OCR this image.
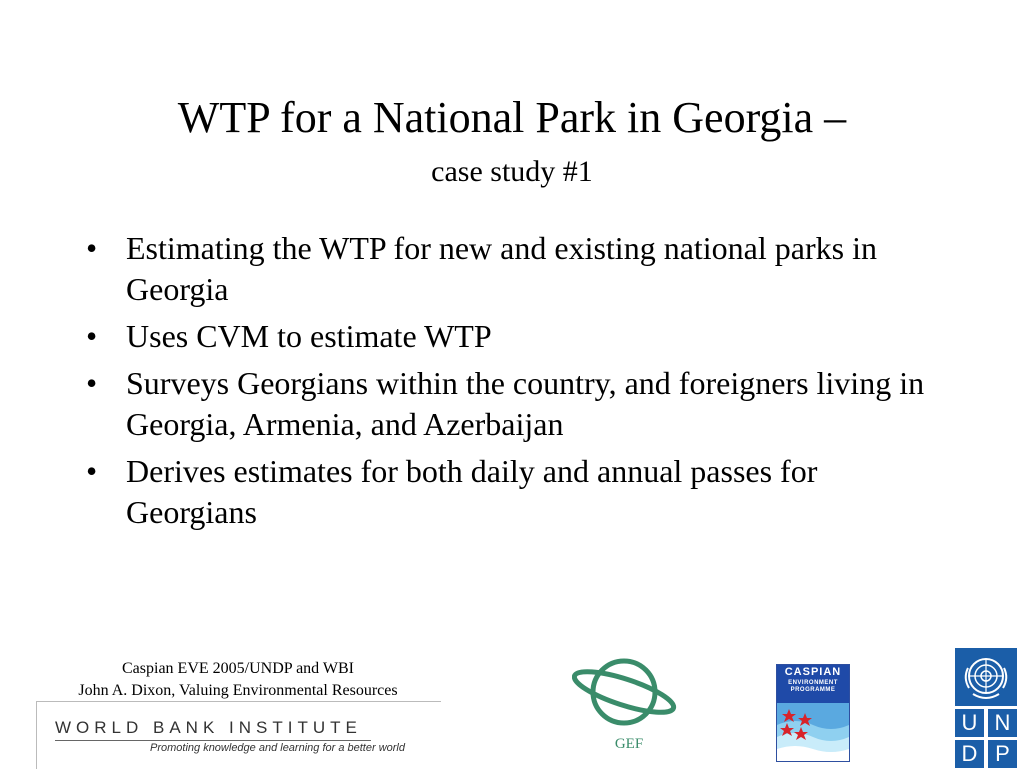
WTP for a National Park in Georgia –
case study #1
• Estimating the WTP for new and existing national parks in Georgia
• Uses CVM to estimate WTP
• Surveys Georgians within the country, and foreigners living in Georgia, Armenia, and Azerbaijan
• Derives estimates for both daily and annual passes for Georgians
Caspian EVE 2005/UNDP and WBI
John A. Dixon, Valuing Environmental Resources
WORLD BANK INSTITUTE
Promoting knowledge and learning for a better world	GEF
CASPIAN
ENVIRONMENT
PROGRAMME
U N
D P
